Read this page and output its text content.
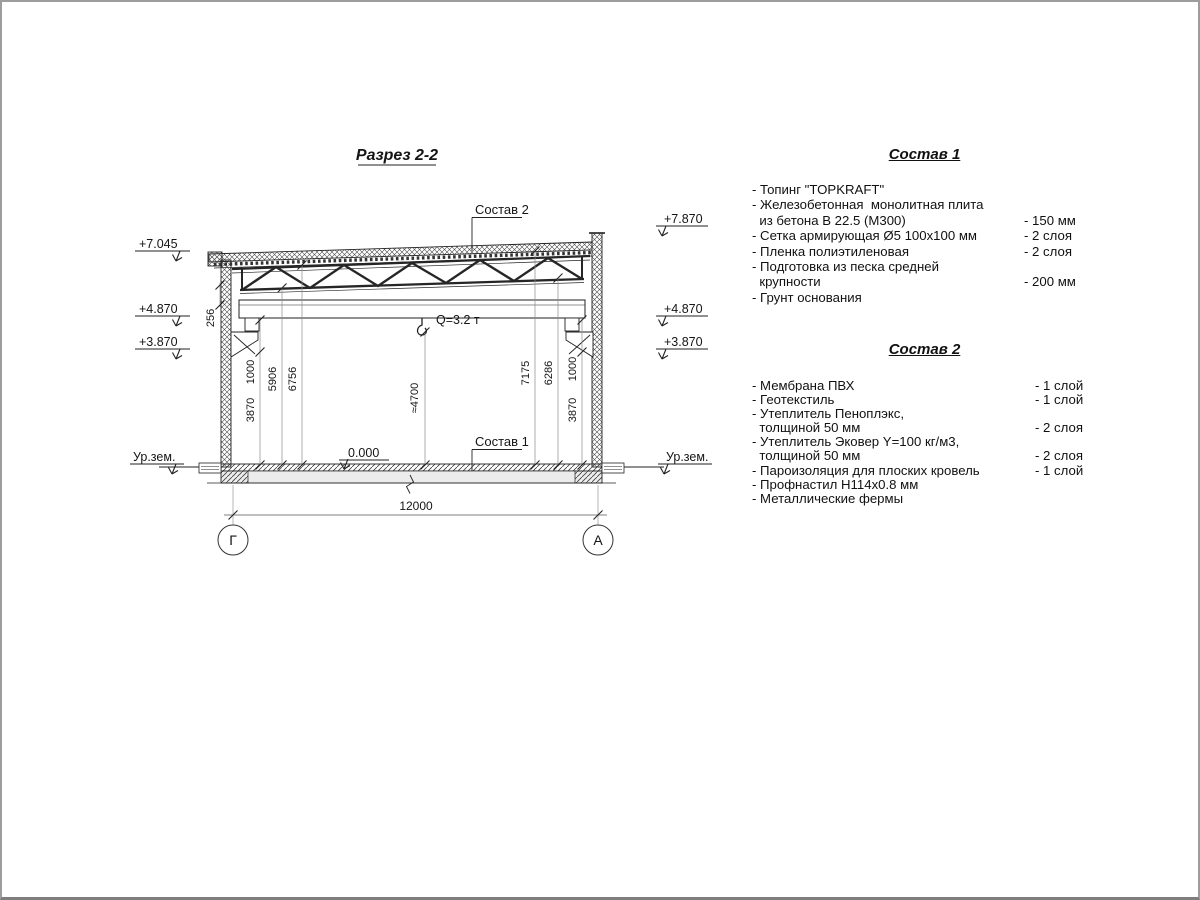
Разрез 2-2
Q=3.2 т
256
1000
3870
5906 6756	7175 6286 1000
3870
≈4700
12000
Г	А
+7.045
+4.870
+3.870
Ур.зем.
+7.870
+4.870
+3.870
Ур.зем.
0.000
Состав 2
Состав 1
Состав 1
- Топинг "TOPKRAFT"
- Железобетонная  монолитная плита
из бетона В 22.5 (М300)	- 150 мм
- Сетка армирующая Ø5 100х100 мм	- 2 слоя
- Пленка полиэтиленовая	- 2 слоя
- Подготовка из песка средней
крупности	- 200 мм
- Грунт основания
Состав 2
- Мембрана ПВХ	- 1 слой
- Геотекстиль	- 1 слой
- Утеплитель Пеноплэкс,
толщиной 50 мм	- 2 слоя
- Утеплитель Эковер Y=100 кг/м3,
толщиной 50 мм	- 2 слоя
- Пароизоляция для плоских кровель	- 1 слой
- Профнастил Н114х0.8 мм
- Металлические фермы
